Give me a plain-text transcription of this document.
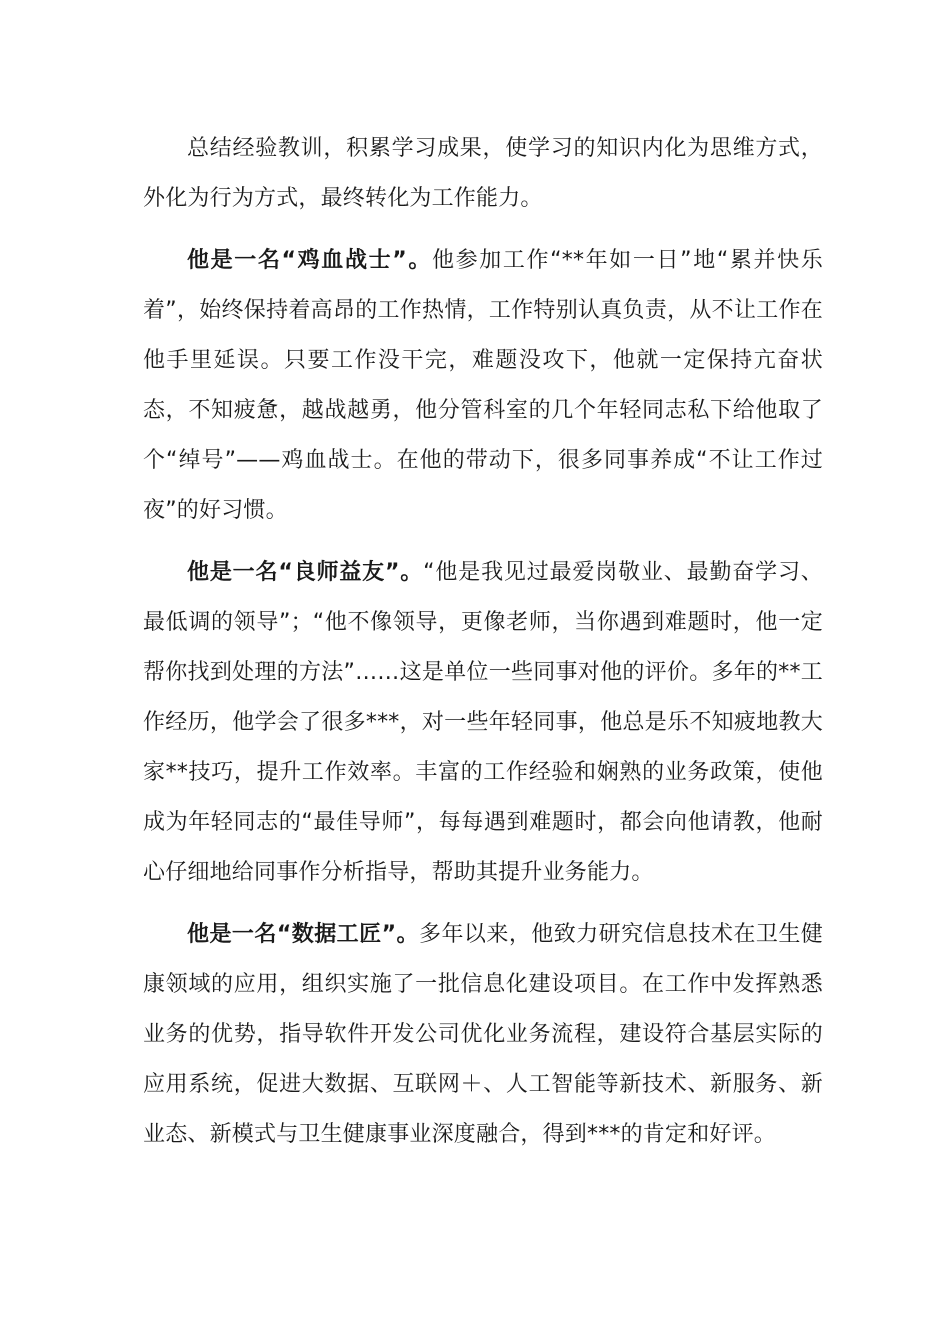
总结经验教训，积累学习成果，使学习的知识内化为思维方式，外化为行为方式，最终转化为工作能力。

他是一名“鸡血战士”。他参加工作“**年如一日”地“累并快乐着”，始终保持着高昂的工作热情，工作特别认真负责，从不让工作在他手里延误。只要工作没干完，难题没攻下，他就一定保持亢奋状态，不知疲惫，越战越勇，他分管科室的几个年轻同志私下给他取了个“绰号”——鸡血战士。在他的带动下，很多同事养成“不让工作过夜”的好习惯。

他是一名“良师益友”。“他是我见过最爱岗敬业、最勤奋学习、最低调的领导”；“他不像领导，更像老师，当你遇到难题时，他一定帮你找到处理的方法”……这是单位一些同事对他的评价。多年的**工作经历，他学会了很多***，对一些年轻同事，他总是乐不知疲地教大家**技巧，提升工作效率。丰富的工作经验和娴熟的业务政策，使他成为年轻同志的“最佳导师”，每每遇到难题时，都会向他请教，他耐心仔细地给同事作分析指导，帮助其提升业务能力。

他是一名“数据工匠”。多年以来，他致力研究信息技术在卫生健康领域的应用，组织实施了一批信息化建设项目。在工作中发挥熟悉业务的优势，指导软件开发公司优化业务流程，建设符合基层实际的应用系统，促进大数据、互联网＋、人工智能等新技术、新服务、新业态、新模式与卫生健康事业深度融合，得到***的肯定和好评。
